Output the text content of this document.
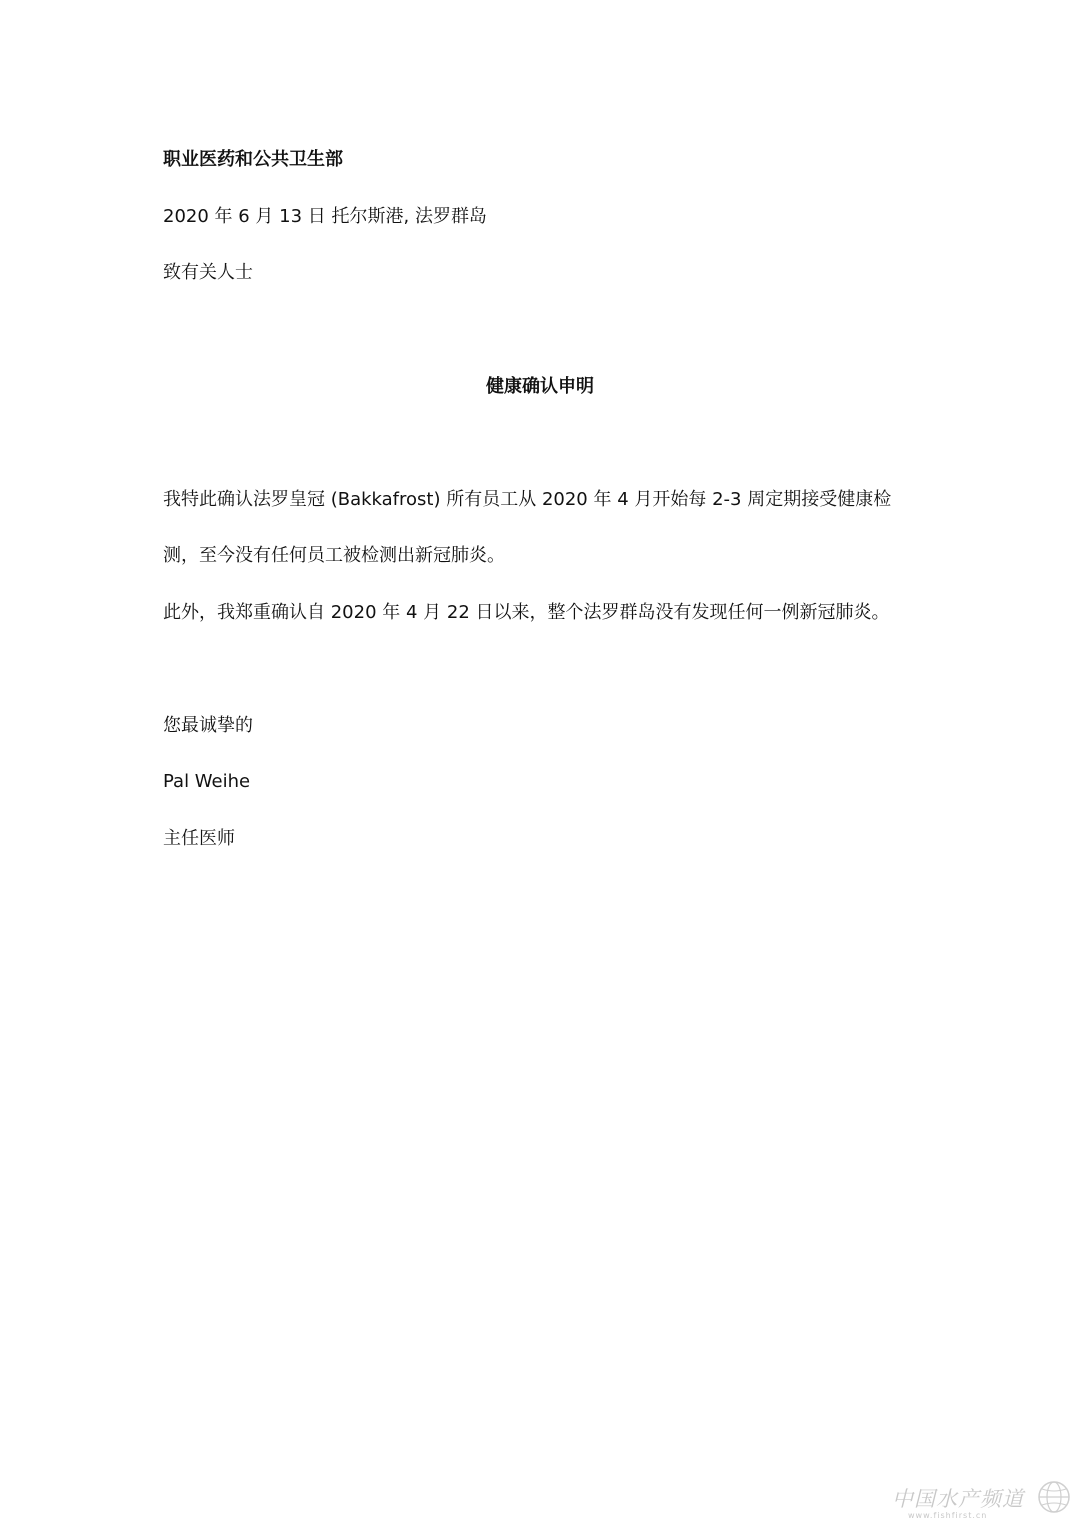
职业医药和公共卫生部

2020 年 6 月 13 日 托尔斯港, 法罗群岛

致有关人士

健康确认申明

我特此确认法罗皇冠 (Bakkafrost) 所有员工从 2020 年 4 月开始每 2-3 周定期接受健康检测，至今没有任何员工被检测出新冠肺炎。

此外，我郑重确认自 2020 年 4 月 22 日以来，整个法罗群岛没有发现任何一例新冠肺炎。

您最诚挚的

Pal Weihe

主任医师

中国水产频道
www.fishfirst.cn
